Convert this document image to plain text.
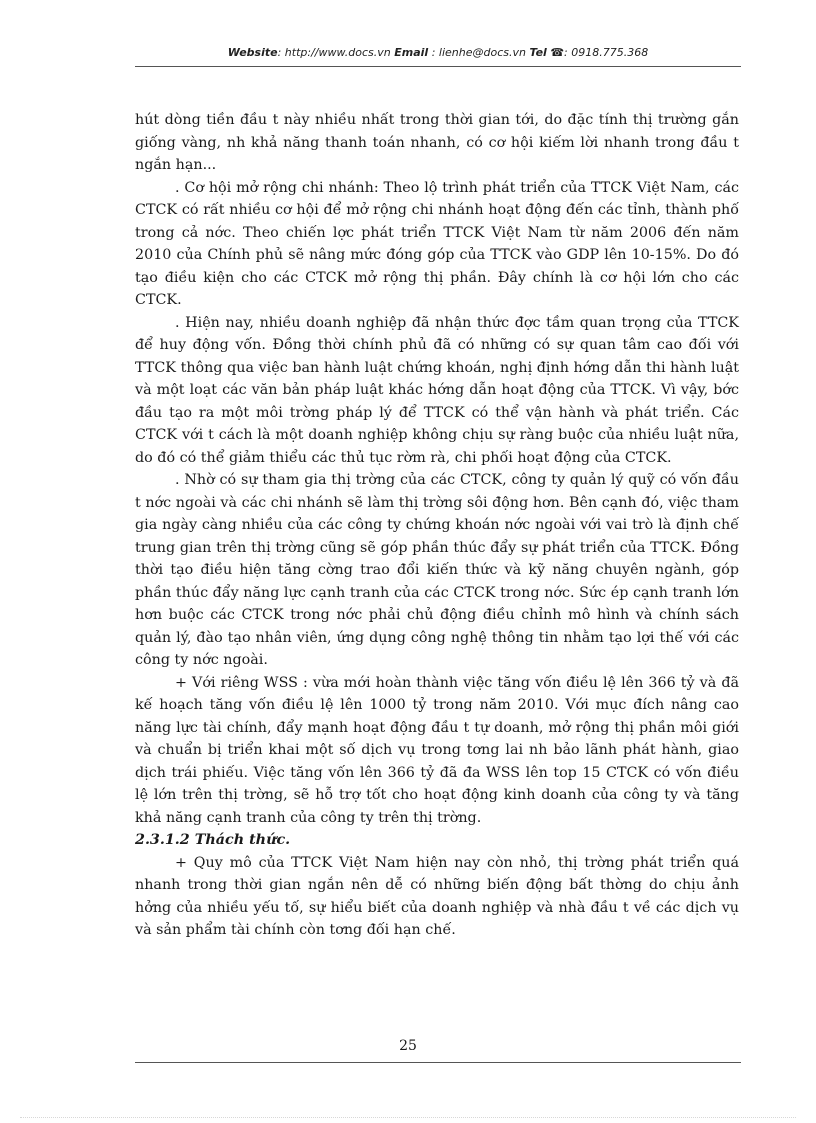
Website: http://www.docs.vn Email : lienhe@docs.vn Tel ☎: 0918.775.368

hút dòng tiền đầu t này nhiều nhất trong thời gian tới, do đặc tính thị trường gắn giống vàng, nh khả năng thanh toán nhanh, có cơ hội kiếm lời nhanh trong đầu t ngắn hạn...

. Cơ hội mở rộng chi nhánh: Theo lộ trình phát triển của TTCK Việt Nam, các CTCK có rất nhiều cơ hội để mở rộng chi nhánh hoạt động đến các tỉnh, thành phố trong cả nớc. Theo chiến lợc phát triển TTCK Việt Nam từ năm 2006 đến năm 2010 của Chính phủ sẽ nâng mức đóng góp của TTCK vào GDP lên 10-15%. Do đó tạo điều kiện cho các CTCK mở rộng thị phần. Đây chính là cơ hội lớn cho các CTCK.

. Hiện nay, nhiều doanh nghiệp đã nhận thức đợc tầm quan trọng của TTCK để huy động vốn. Đồng thời chính phủ đã có những có sự quan tâm cao đối với TTCK thông qua việc ban hành luật chứng khoán, nghị định hớng dẫn thi hành luật và một loạt các văn bản pháp luật khác hớng dẫn hoạt động của TTCK. Vì vậy, bớc đầu tạo ra một môi trờng pháp lý để TTCK có thể vận hành và phát triển. Các CTCK với t cách là một doanh nghiệp không chịu sự ràng buộc của nhiều luật nữa, do đó có thể giảm thiểu các thủ tục rờm rà, chi phối hoạt động của CTCK.

. Nhờ có sự tham gia thị trờng của các CTCK, công ty quản lý quỹ có vốn đầu t nớc ngoài và các chi nhánh sẽ làm thị trờng sôi động hơn. Bên cạnh đó, việc tham gia ngày càng nhiều của các công ty chứng khoán nớc ngoài với vai trò là định chế trung gian trên thị trờng cũng sẽ góp phần thúc đẩy sự phát triển của TTCK. Đồng thời tạo điều hiện tăng cờng trao đổi kiến thức và kỹ năng chuyên ngành, góp phần thúc đẩy năng lực cạnh tranh của các CTCK trong nớc. Sức ép cạnh tranh lớn hơn buộc các CTCK trong nớc phải chủ động điều chỉnh mô hình và chính sách quản lý, đào tạo nhân viên, ứng dụng công nghệ thông tin nhằm tạo lợi thế với các công ty nớc ngoài.

+ Với riêng WSS : vừa mới hoàn thành việc tăng vốn điều lệ lên 366 tỷ và đã kế hoạch tăng vốn điều lệ lên 1000 tỷ trong năm 2010. Với mục đích nâng cao năng lực tài chính, đẩy mạnh hoạt động đầu t tự doanh, mở rộng thị phần môi giới và chuẩn bị triển khai một số dịch vụ trong tơng lai nh bảo lãnh phát hành, giao dịch trái phiếu. Việc tăng vốn lên 366 tỷ đã đa WSS lên top 15 CTCK có vốn điều lệ lớn trên thị trờng, sẽ hỗ trợ tốt cho hoạt động kinh doanh của công ty và tăng khả năng cạnh tranh của công ty trên thị trờng.

2.3.1.2 Thách thức.

+ Quy mô của TTCK Việt Nam hiện nay còn nhỏ, thị trờng phát triển quá nhanh trong thời gian ngắn nên dễ có những biến động bất thờng do chịu ảnh hởng của nhiều yếu tố, sự hiểu biết của doanh nghiệp và nhà đầu t về các dịch vụ và sản phẩm tài chính còn tơng đối hạn chế.

25
